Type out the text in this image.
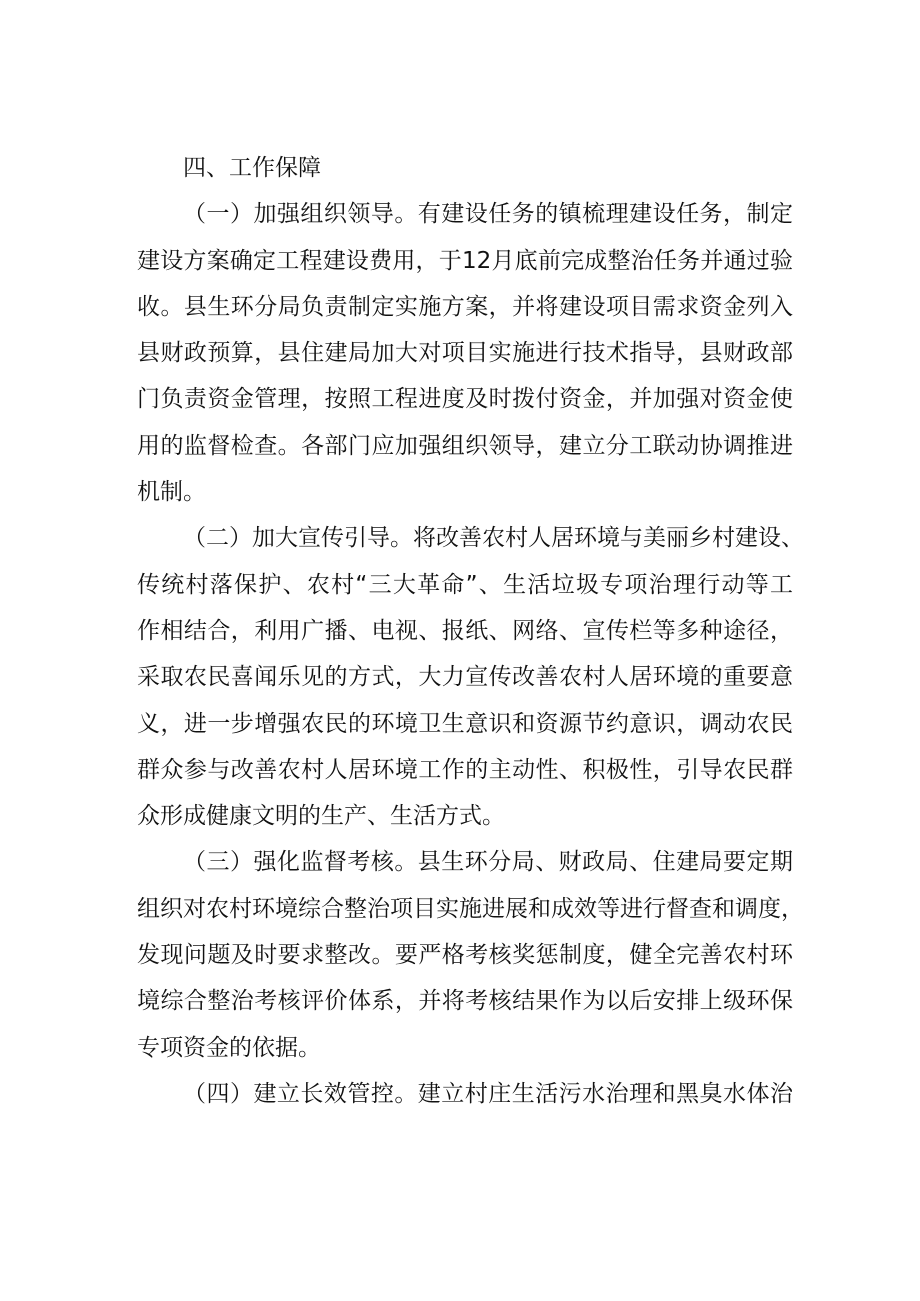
四、工作保障
（一）加强组织领导。有建设任务的镇梳理建设任务，制定
建设方案确定工程建设费用，于12月底前完成整治任务并通过验
收。县生环分局负责制定实施方案，并将建设项目需求资金列入
县财政预算，县住建局加大对项目实施进行技术指导，县财政部
门负责资金管理，按照工程进度及时拨付资金，并加强对资金使
用的监督检查。各部门应加强组织领导，建立分工联动协调推进
机制。
（二）加大宣传引导。将改善农村人居环境与美丽乡村建设、
传统村落保护、农村“三大革命”、生活垃圾专项治理行动等工
作相结合，利用广播、电视、报纸、网络、宣传栏等多种途径，
采取农民喜闻乐见的方式，大力宣传改善农村人居环境的重要意
义，进一步增强农民的环境卫生意识和资源节约意识，调动农民
群众参与改善农村人居环境工作的主动性、积极性，引导农民群
众形成健康文明的生产、生活方式。
（三）强化监督考核。县生环分局、财政局、住建局要定期
组织对农村环境综合整治项目实施进展和成效等进行督查和调度，
发现问题及时要求整改。要严格考核奖惩制度，健全完善农村环
境综合整治考核评价体系，并将考核结果作为以后安排上级环保
专项资金的依据。
（四）建立长效管控。建立村庄生活污水治理和黑臭水体治
